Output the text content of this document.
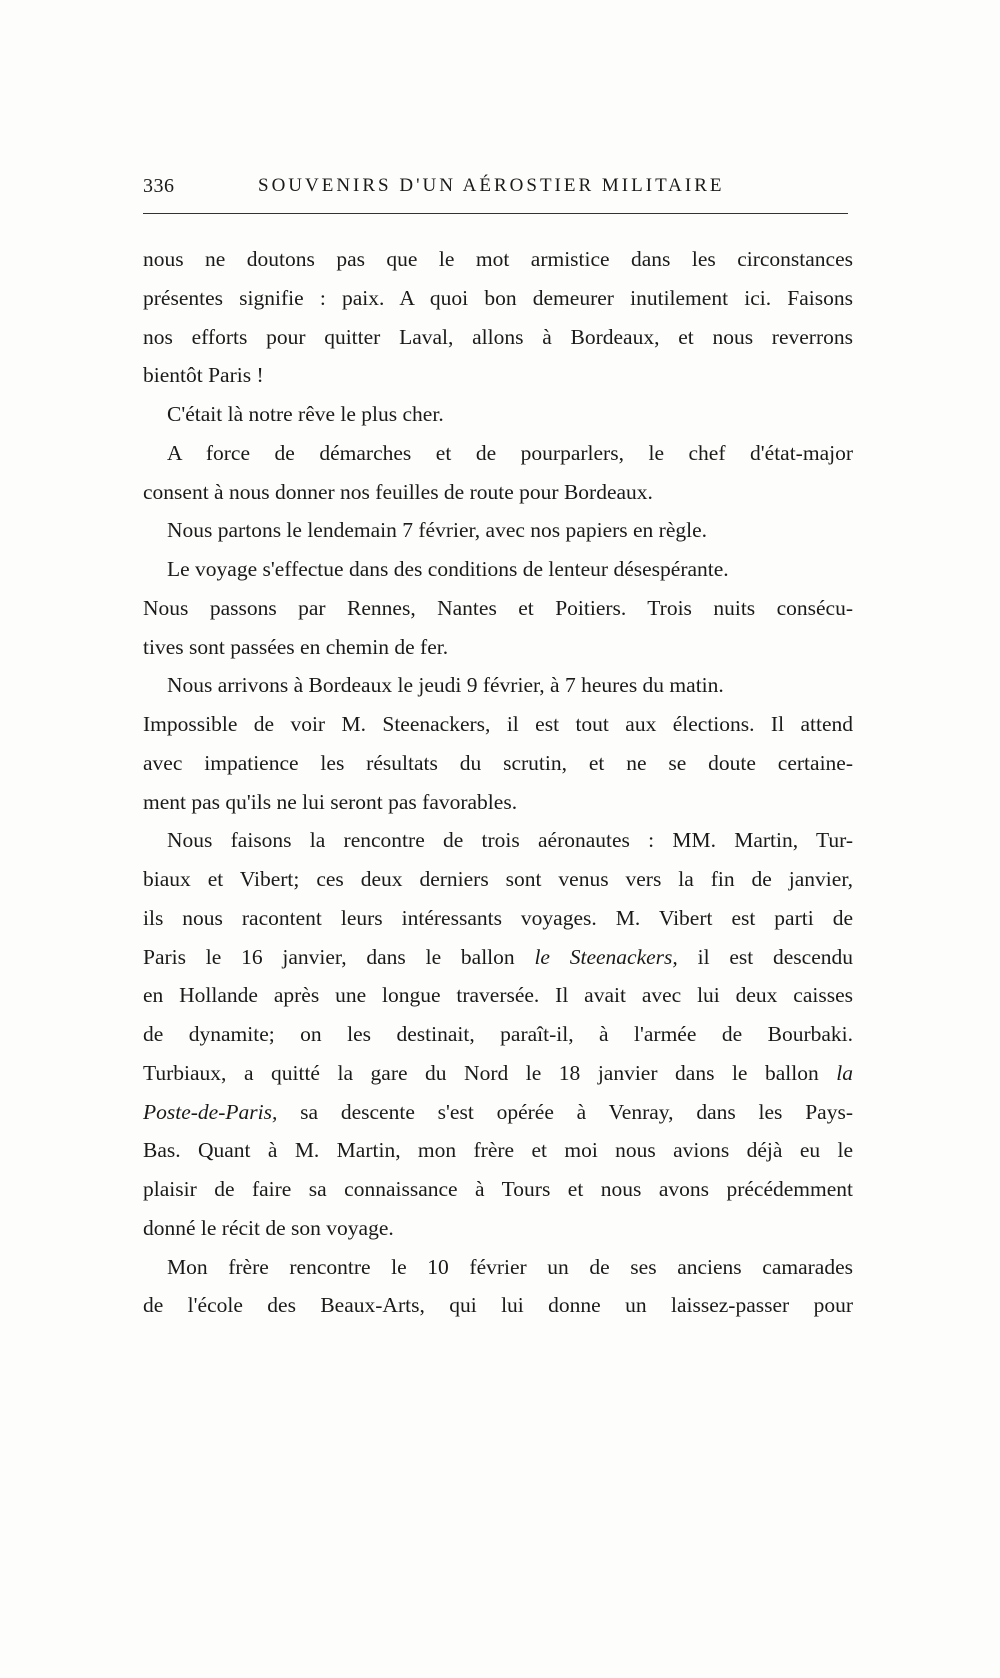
336	SOUVENIRS D'UN AÉROSTIER MILITAIRE
nous ne doutons pas que le mot armistice dans les circonstances
présentes signifie : paix. A quoi bon demeurer inutilement ici. Faisons
nos efforts pour quitter Laval, allons à Bordeaux, et nous reverrons
bientôt Paris !
C'était là notre rêve le plus cher.
A force de démarches et de pourparlers, le chef d'état-major
consent à nous donner nos feuilles de route pour Bordeaux.
Nous partons le lendemain 7 février, avec nos papiers en règle.
Le voyage s'effectue dans des conditions de lenteur désespérante.
Nous passons par Rennes, Nantes et Poitiers. Trois nuits consécu-
tives sont passées en chemin de fer.
Nous arrivons à Bordeaux le jeudi 9 février, à 7 heures du matin.
Impossible de voir M. Steenackers, il est tout aux élections. Il attend
avec impatience les résultats du scrutin, et ne se doute certaine-
ment pas qu'ils ne lui seront pas favorables.
Nous faisons la rencontre de trois aéronautes : MM. Martin, Tur-
biaux et Vibert; ces deux derniers sont venus vers la fin de janvier,
ils nous racontent leurs intéressants voyages. M. Vibert est parti de
Paris le 16 janvier, dans le ballon le Steenackers, il est descendu
en Hollande après une longue traversée. Il avait avec lui deux caisses
de dynamite; on les destinait, paraît-il, à l'armée de Bourbaki.
Turbiaux, a quitté la gare du Nord le 18 janvier dans le ballon la
Poste-de-Paris, sa descente s'est opérée à Venray, dans les Pays-
Bas. Quant à M. Martin, mon frère et moi nous avions déjà eu le
plaisir de faire sa connaissance à Tours et nous avons précédemment
donné le récit de son voyage.
Mon frère rencontre le 10 février un de ses anciens camarades
de l'école des Beaux-Arts, qui lui donne un laissez-passer pour
